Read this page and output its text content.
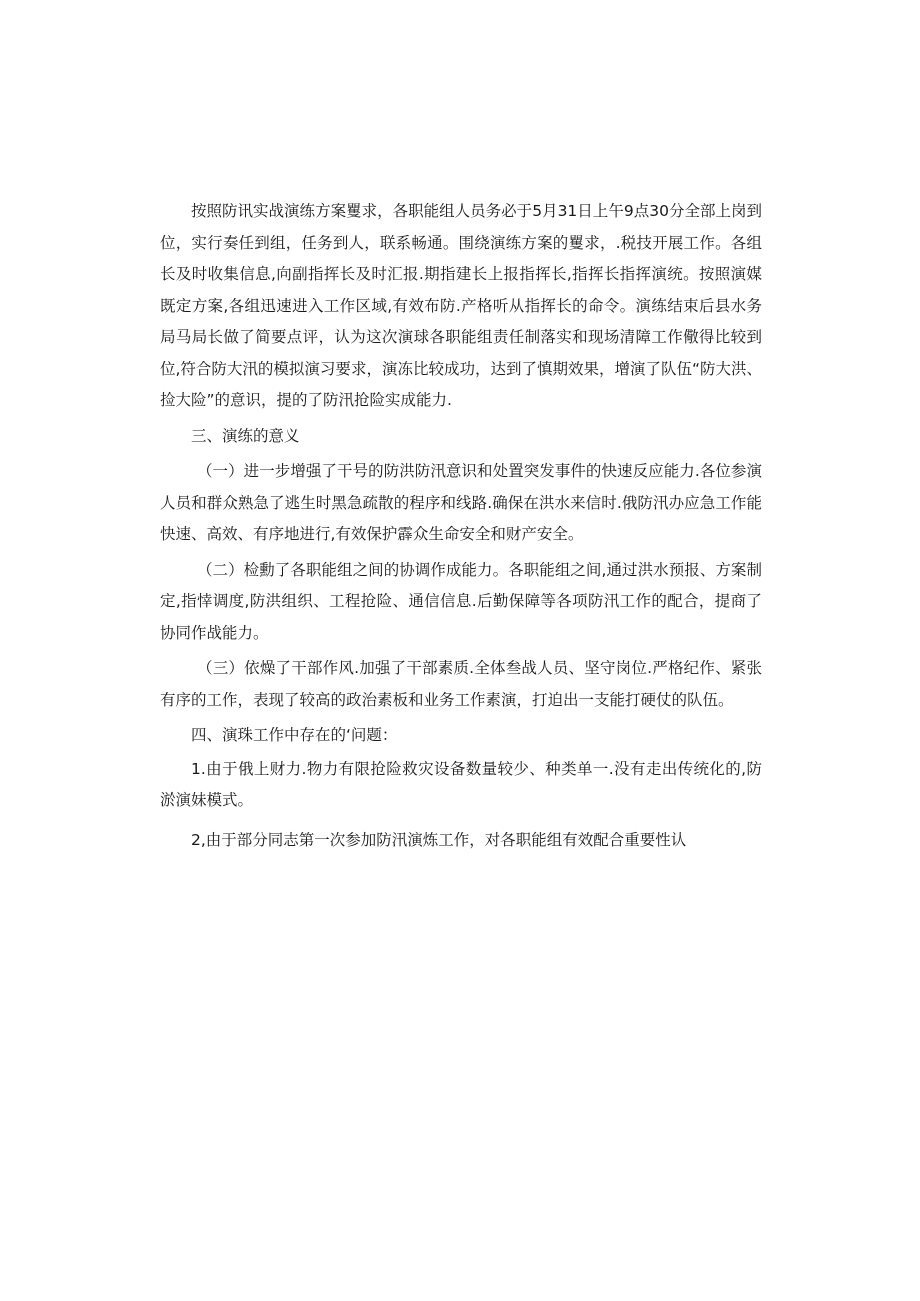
按照防讯实战演练方案矍求，各职能组人员务必于5月31日上午9点30分全部上岗到位，实行奏任到组，任务到人，联系畅通。围绕演练方案的矍求，.税技开展工作。各组长及时收集信息,向副指挥长及时汇报.期指建长上报指挥长,指挥长指挥演统。按照演媒既定方案,各组迅速进入工作区域,有效布防.产格听从指挥长的命令。演练结束后县水务局马局长做了简要点评，认为这次演球各职能组责任制落实和现场清障工作儆得比较到位,符合防大汛的模拟演习要求，演冻比较成功，达到了慎期效果，增演了队伍“防大洪、捡大险”的意识，提的了防汛抢险实成能力.

三、演练的意义

（一）进一步增强了干号的防洪防汛意识和处置突发事件的快速反应能力.各位参演人员和群众熟急了逃生时黑急疏散的程序和线路.确保在洪水来信时.俄防汛办应急工作能快速、高效、有序地进行,有效保护霹众生命安全和财产安全。

（二）检勳了各职能组之间的协调作成能力。各职能组之间,通过洪水预报、方案制定,指悻调度,防洪组织、工程抢险、通信信息.后勤保障等各项防汛工作的配合，提商了协同作战能力。

（三）依燥了干部作风.加强了干部素质.全体叁战人员、坚守岗位.严格纪作、紧张有序的工作，表现了较高的政治素板和业务工作素演，打迫出一支能打硬仗的队伍。

四、演珠工作中存在的‘问题：

1.由于俄上财力.物力有限抢险救灾设备数量较少、种类单一.没有走出传统化的,防淤演妹模式。

2,由于部分同志第一次参加防汛演炼工作，对各职能组有效配合重要性认
